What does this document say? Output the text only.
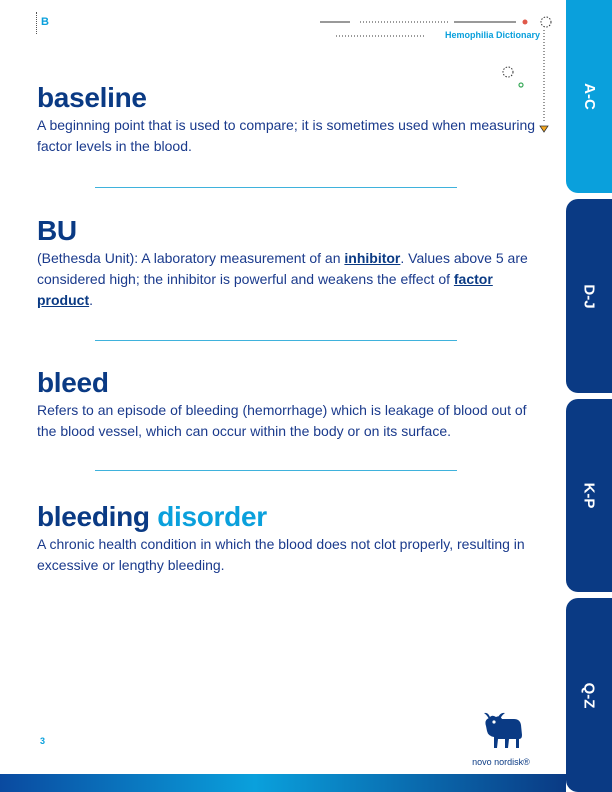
B
Hemophilia Dictionary
baseline
A beginning point that is used to compare; it is sometimes used when measuring factor levels in the blood.
BU
(Bethesda Unit): A laboratory measurement of an inhibitor. Values above 5 are considered high; the inhibitor is powerful and weakens the effect of factor product.
bleed
Refers to an episode of bleeding (hemorrhage) which is leakage of blood out of the blood vessel, which can occur within the body or on its surface.
bleeding disorder
A chronic health condition in which the blood does not clot properly, resulting in excessive or lengthy bleeding.
A-C
D-J
K-P
Q-Z
3
novo nordisk®
